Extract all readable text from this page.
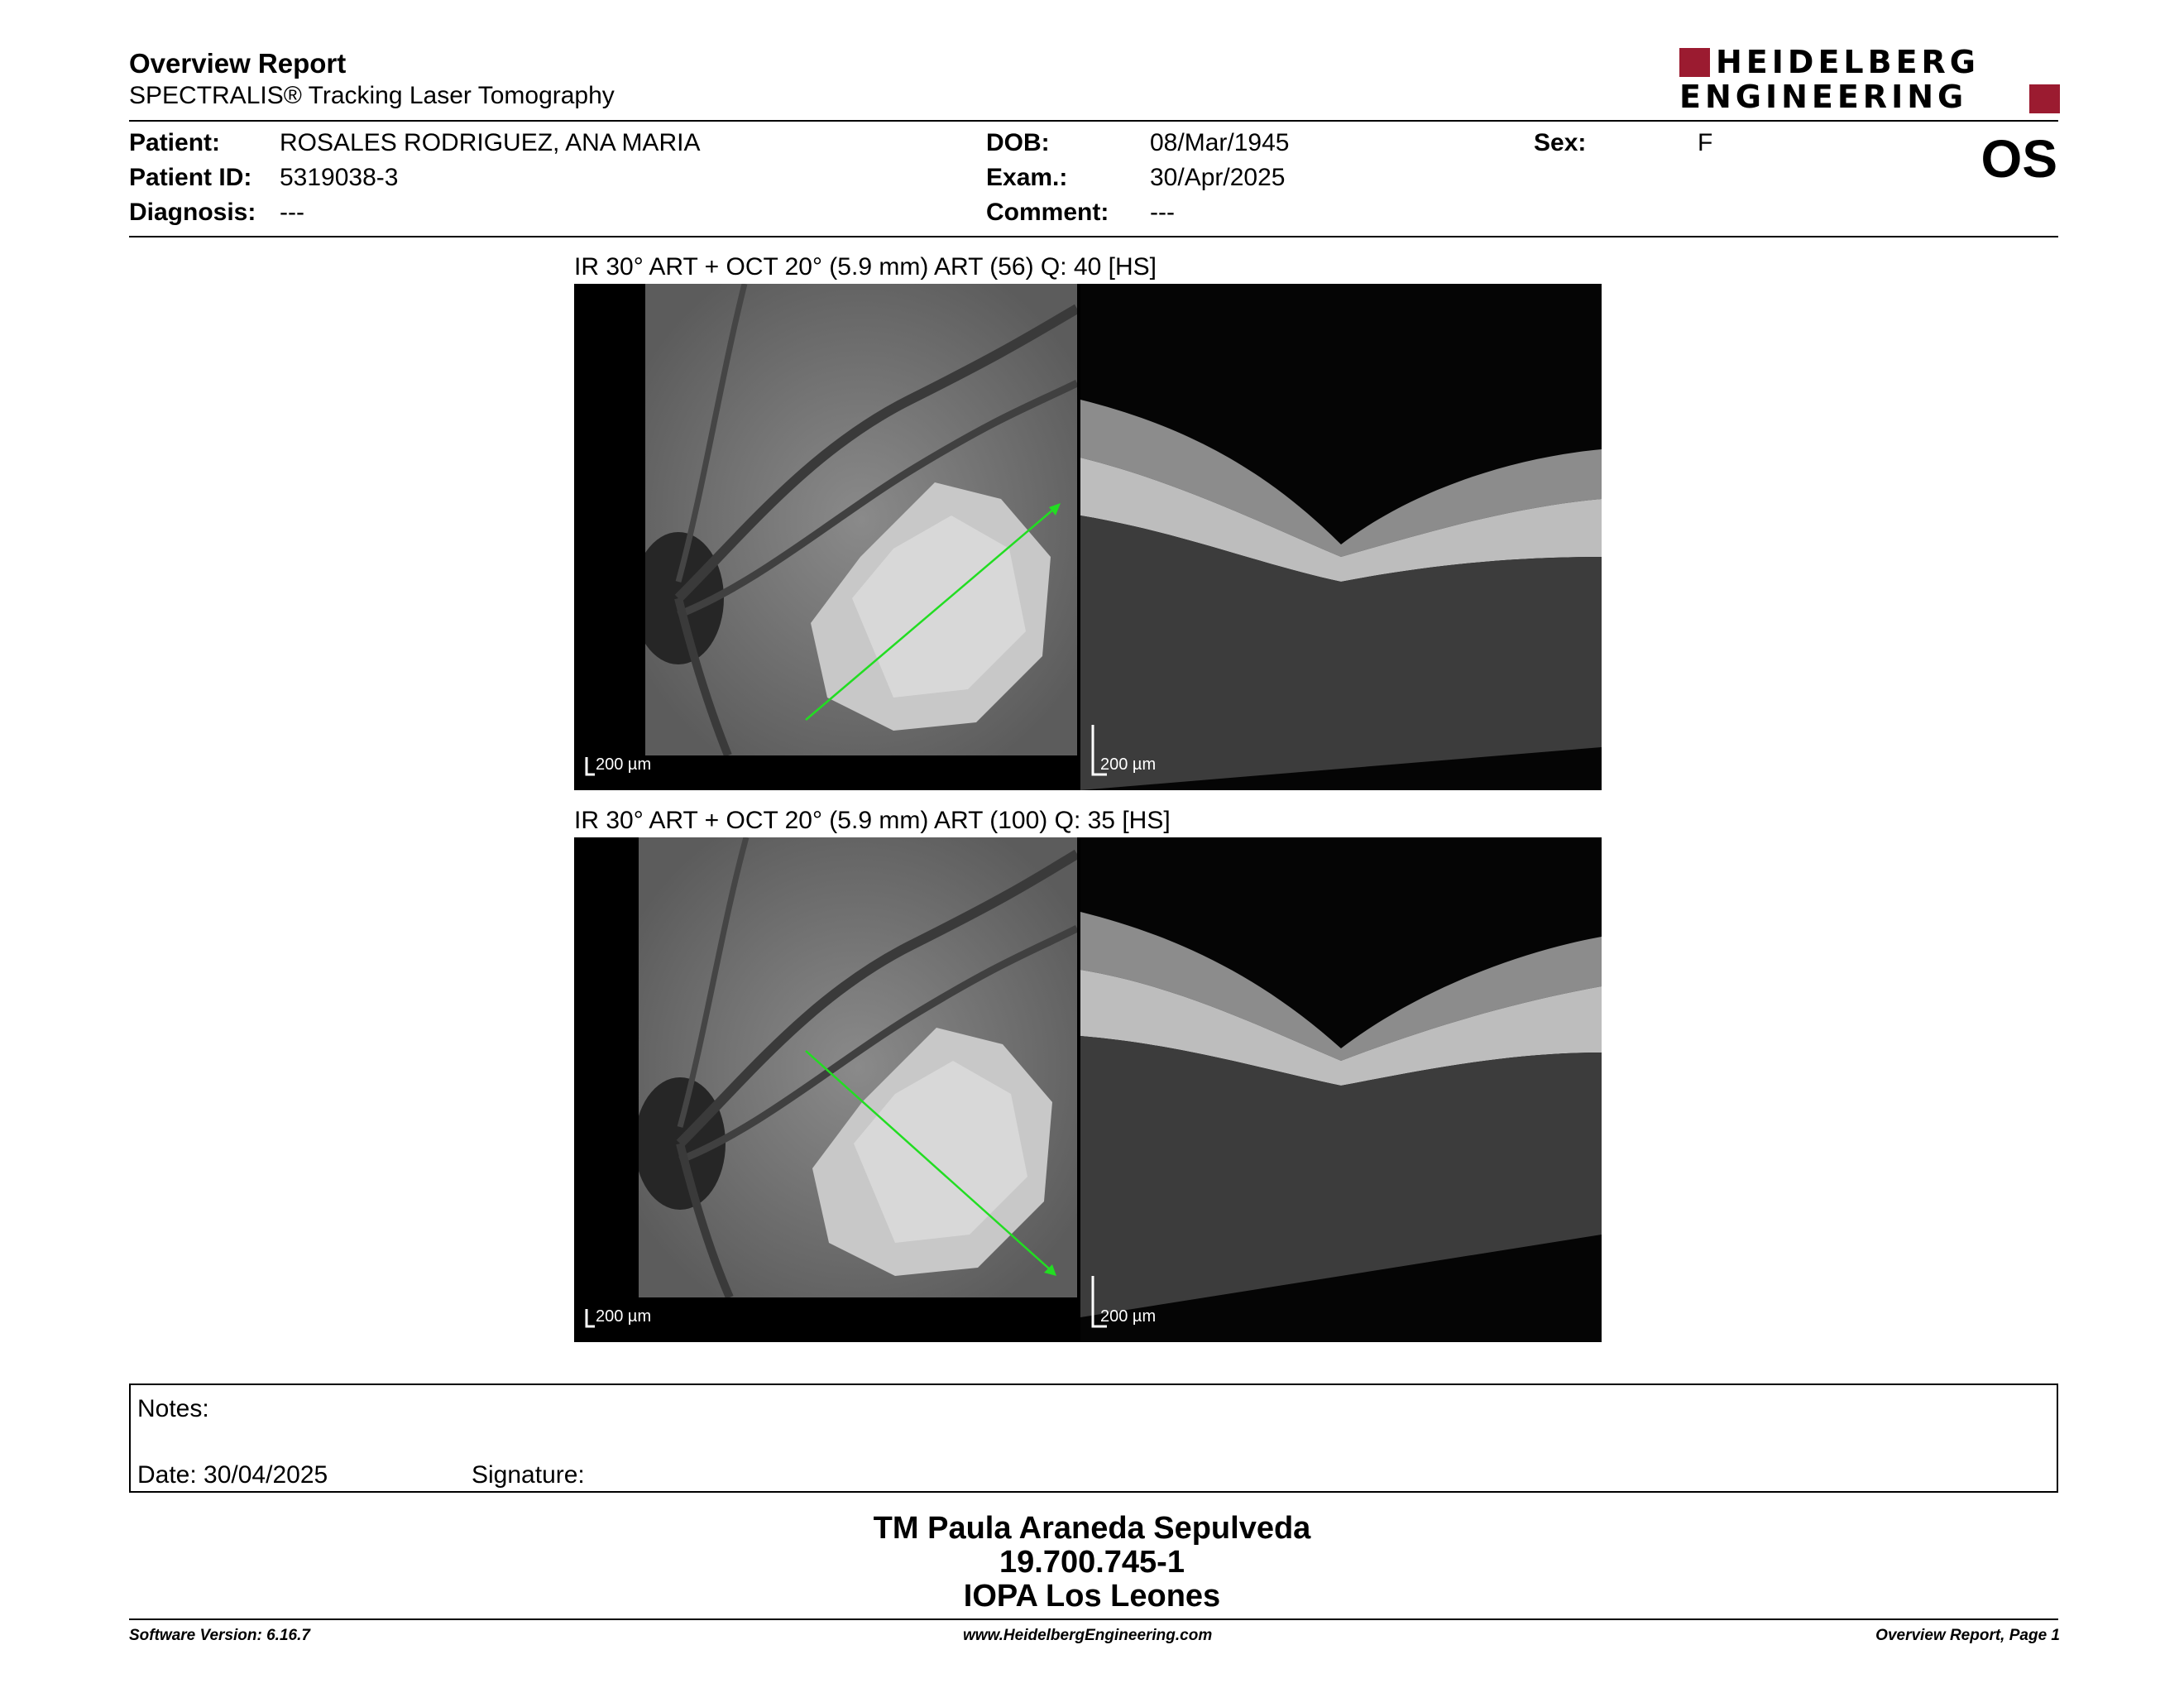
Overview Report
SPECTRALIS® Tracking Laser Tomography
HEIDELBERG
ENGINEERING
Patient: ROSALES RODRIGUEZ, ANA MARIA
Patient ID: 5319038-3
Diagnosis: ---
DOB:	08/Mar/1945
Exam.:	30/Apr/2025
Comment: ---
Sex:	F	OS
IR 30° ART + OCT 20° (5.9 mm) ART (56) Q: 40 [HS]
200 µm	200 µm
IR 30° ART + OCT 20° (5.9 mm) ART (100) Q: 35 [HS]
200 µm	200 µm
Notes:
Date: 30/04/2025	Signature:
TM Paula Araneda Sepulveda
19.700.745-1
IOPA Los Leones
Software Version: 6.16.7	www.HeidelbergEngineering.com	Overview Report, Page 1
